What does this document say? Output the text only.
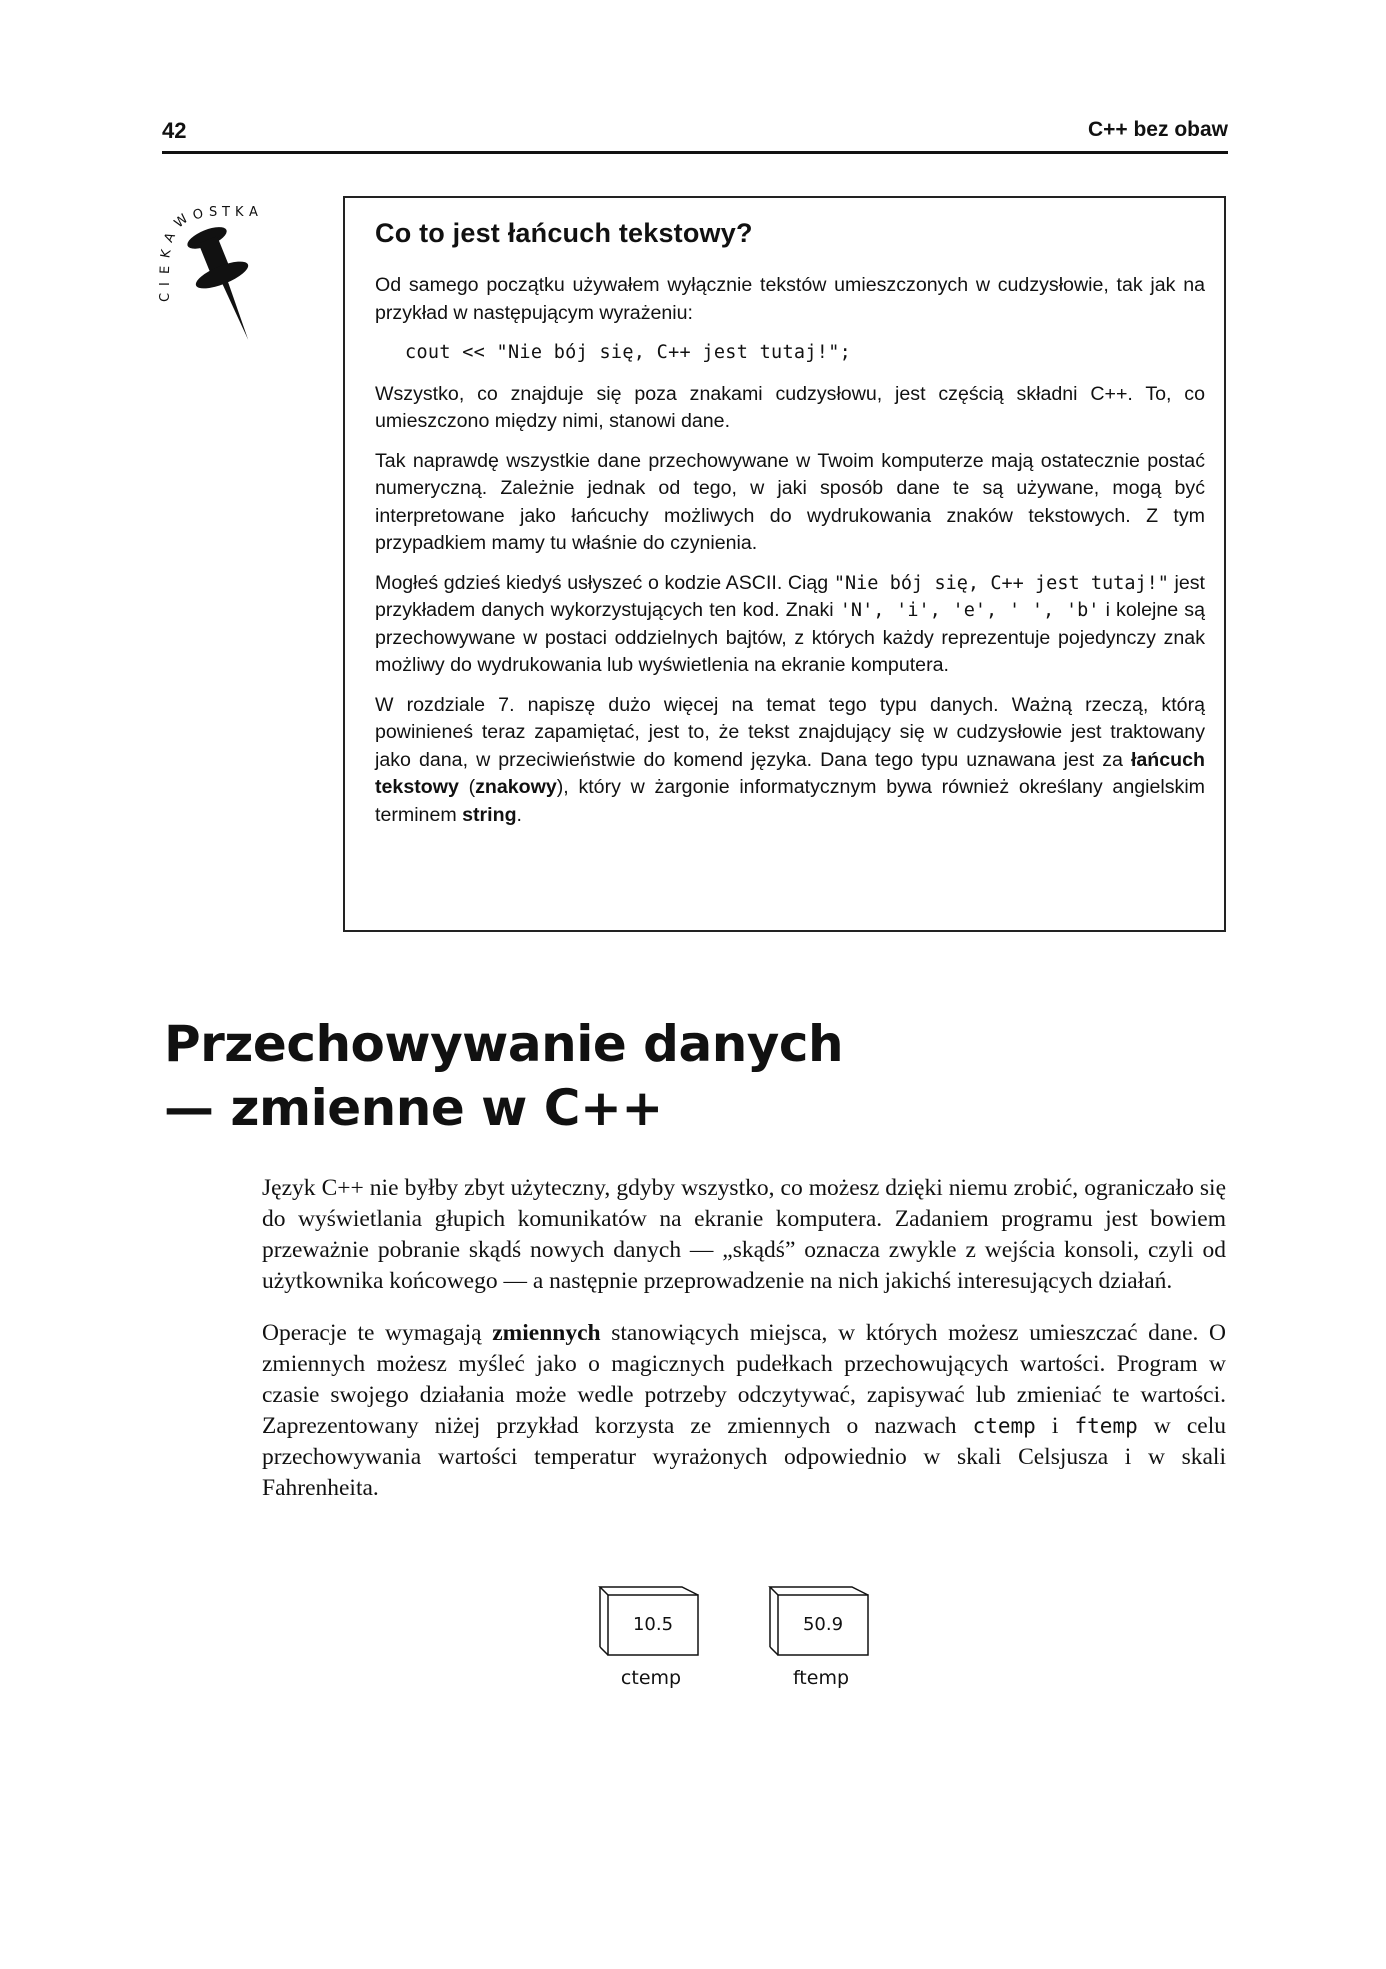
42	C++ bez obaw
C
I
E
K
A
W O S T K A
Co to jest łańcuch tekstowy?

Od samego początku używałem wyłącznie tekstów umieszczonych w cudzysłowie, tak jak na przykład w następującym wyrażeniu:

cout << "Nie bój się, C++ jest tutaj!";

Wszystko, co znajduje się poza znakami cudzysłowu, jest częścią składni C++. To, co umieszczono między nimi, stanowi dane.

Tak naprawdę wszystkie dane przechowywane w Twoim komputerze mają ostatecznie postać numeryczną. Zależnie jednak od tego, w jaki sposób dane te są używane, mogą być interpretowane jako łańcuchy możliwych do wydrukowania znaków tekstowych. Z tym przypadkiem mamy tu właśnie do czynienia.

Mogłeś gdzieś kiedyś usłyszeć o kodzie ASCII. Ciąg "Nie bój się, C++ jest tutaj!" jest przykładem danych wykorzystujących ten kod. Znaki 'N', 'i', 'e', ' ', 'b' i kolejne są przechowywane w postaci oddzielnych bajtów, z których każdy reprezentuje pojedynczy znak możliwy do wydrukowania lub wyświetlenia na ekranie komputera.

W rozdziale 7. napiszę dużo więcej na temat tego typu danych. Ważną rzeczą, którą powinieneś teraz zapamiętać, jest to, że tekst znajdujący się w cudzysłowie jest traktowany jako dana, w przeciwieństwie do komend języka. Dana tego typu uznawana jest za łańcuch tekstowy (znakowy), który w żargonie informatycznym bywa również określany angielskim terminem string.

Przechowywanie danych
— zmienne w C++

Język C++ nie byłby zbyt użyteczny, gdyby wszystko, co możesz dzięki niemu zrobić, ograniczało się do wyświetlania głupich komunikatów na ekranie komputera. Zadaniem programu jest bowiem przeważnie pobranie skądś nowych danych — „skądś” oznacza zwykle z wejścia konsoli, czyli od użytkownika końcowego — a następnie przeprowadzenie na nich jakichś interesujących działań.

Operacje te wymagają zmiennych stanowiących miejsca, w których możesz umieszczać dane. O zmiennych możesz myśleć jako o magicznych pudełkach przechowujących wartości. Program w czasie swojego działania może wedle potrzeby odczytywać, zapisywać lub zmieniać te wartości. Zaprezentowany niżej przykład korzysta ze zmiennych o nazwach ctemp i ftemp w celu przechowywania wartości temperatur wyrażonych odpowiednio w skali Celsjusza i w skali Fahrenheita.

10.5	50.9
ctemp	ftemp
